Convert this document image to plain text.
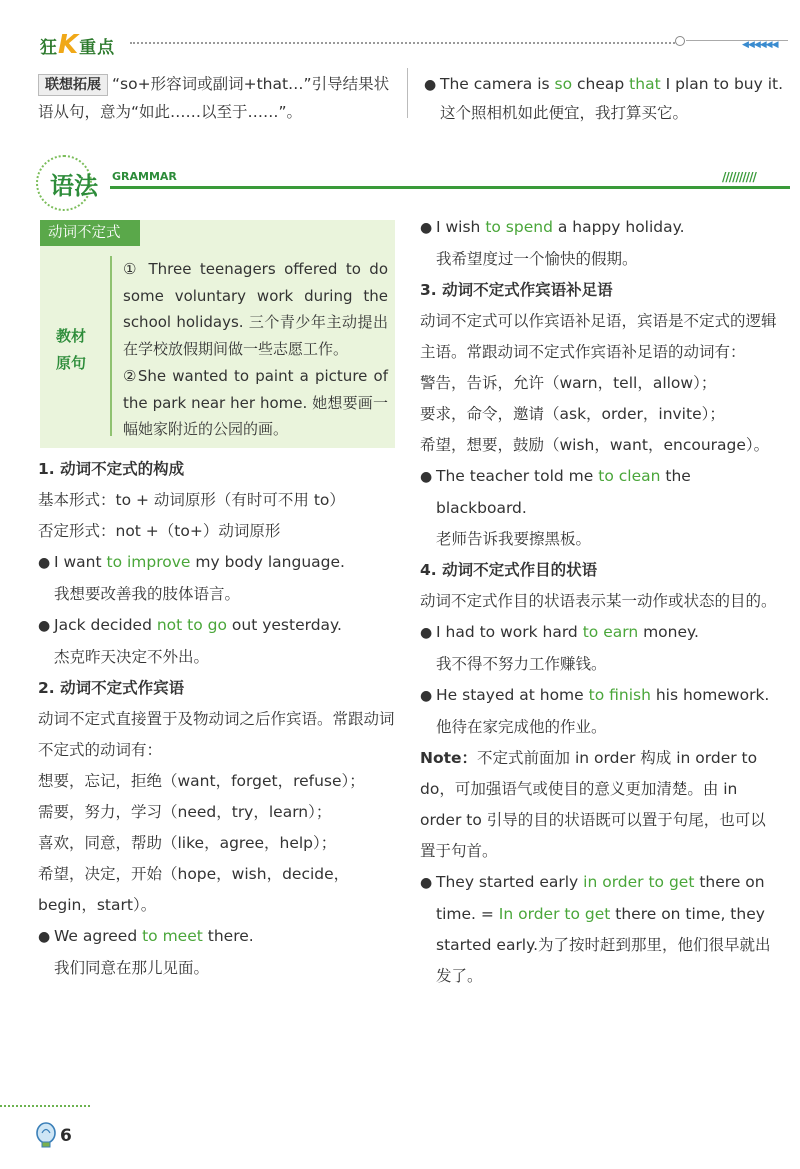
狂K重点	◀◀◀◀◀◀
联想拓展 “so+形容词或副词+that…”引导结果状语从句，意为“如此……以至于……”。
● The camera is so cheap that I plan to buy it.
这个照相机如此便宜，我打算买它。
语法 GRAMMAR	//////////
动词不定式
教材
原句
① Three teenagers offered to do some voluntary work during the school holidays. 三个青少年主动提出在学校放假期间做一些志愿工作。
②She wanted to paint a picture of the park near her home. 她想要画一幅她家附近的公园的画。

1. 动词不定式的构成

基本形式：to + 动词原形（有时可不用 to）

否定形式：not +（to+）动词原形

● I want to improve my body language.

我想要改善我的肢体语言。

● Jack decided not to go out yesterday.

杰克昨天决定不外出。

2. 动词不定式作宾语

动词不定式直接置于及物动词之后作宾语。常跟动词不定式的动词有：

想要，忘记，拒绝（want，forget，refuse）；

需要，努力，学习（need，try，learn）；

喜欢，同意，帮助（like，agree，help）；

希望，决定，开始（hope，wish，decide，begin，start）。

● We agreed to meet there.

我们同意在那儿见面。

● I wish to spend a happy holiday.

我希望度过一个愉快的假期。

3. 动词不定式作宾语补足语

动词不定式可以作宾语补足语，宾语是不定式的逻辑主语。常跟动词不定式作宾语补足语的动词有：

警告，告诉，允许（warn，tell，allow）；

要求，命令，邀请（ask，order，invite）；

希望，想要，鼓励（wish，want，encourage）。

● The teacher told me to clean the blackboard.

老师告诉我要擦黑板。

4. 动词不定式作目的状语

动词不定式作目的状语表示某一动作或状态的目的。

● I had to work hard to earn money.

我不得不努力工作赚钱。

● He stayed at home to finish his homework.

他待在家完成他的作业。

Note：不定式前面加 in order 构成 in order to do，可加强语气或使目的意义更加清楚。由 in order to 引导的目的状语既可以置于句尾，也可以置于句首。

● They started early in order to get there on time. = In order to get there on time, they started early.为了按时赶到那里，他们很早就出发了。

6
